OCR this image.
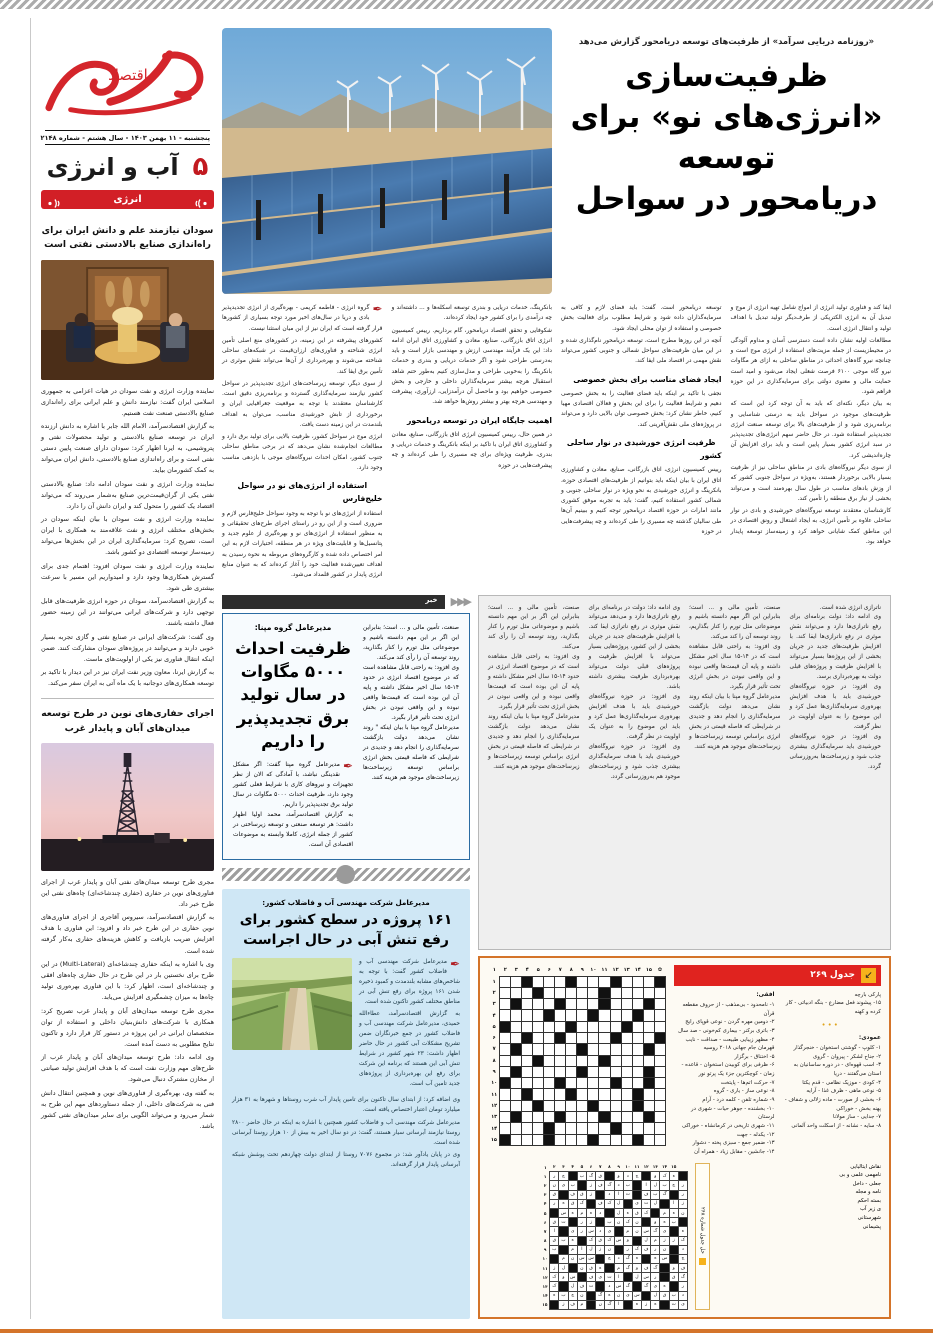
اقتصاد
پنجشنبه - ۱۱ بهمن ۱۴۰۳ - سال هشتم - شماره ۲۱۴۸
۵
آب و انرژی
انرژی
سودان نیازمند علم و دانش ایران برای راه‌اندازی صنایع بالادستی نفتی است

نماینده وزارت انرژی و نفت سودان در هیات اعزامی به جمهوری اسلامی ایران گفت: نیازمند دانش و علم ایرانی برای راه‌اندازی صنایع بالادستی صنعت نفت هستیم.

به گزارش اقتصادسرآمد، الامام الله جابر با اشاره به دانش ارزنده ایران در توسعه صنایع بالادستی و تولید محصولات نفتی و پتروشیمی، به ایرنا اظهار کرد: سودان دارای صنعت پایین دستی نفتی است و برای راه‌اندازی صنایع بالادستی، دانش ایران می‌تواند به کمک کشورمان بیاید.

نماینده وزارت انرژی و نفت سودان ادامه داد: صنایع بالادستی نفتی یکی از گران‌قیمت‌ترین صنایع به‌شمار می‌روند که می‌تواند اقتصاد یک کشور را متحول کند و ایران دانش آن را دارد.

نماینده وزارت انرژی و نفت سودان با بیان اینکه سودان در بخش‌های مختلف انرژی و نفت علاقه‌مند به همکاری با ایران است، تصریح کرد: سرمایه‌گذاری ایران در این بخش‌ها می‌تواند زمینه‌ساز توسعه اقتصادی دو کشور باشد.

نماینده وزارت انرژی و نفت سودان افزود: اهتمام جدی برای گسترش همکاری‌ها وجود دارد و امیدواریم این مسیر با سرعت بیشتری طی شود.

به گزارش اقتصادسرآمد، سودان در حوزه انرژی ظرفیت‌های قابل توجهی دارد و شرکت‌های ایرانی می‌توانند در این زمینه حضور فعال داشته باشند.

وی گفت: شرکت‌های ایرانی در صنایع نفتی و گازی تجربه بسیار خوبی دارند و می‌توانند در پروژه‌های سودان مشارکت کنند. ضمن اینکه انتقال فناوری نیز یکی از اولویت‌های ماست.

به گزارش ایرنا، معاون وزیر نفت ایران نیز در این دیدار با تاکید بر توسعه همکاری‌های دوجانبه با یک ماه آتی به ایران سفر می‌کند.

اجرای حفاری‌های نوین در طرح توسعه میدان‌های آبان و پایدار غرب

مجری طرح توسعه میدان‌های نفتی آبان و پایدار غرب از اجرای فناوری‌های نوین در حفاری (حفاری چندشاخه‌ای) چاه‌های نفتی این طرح خبر داد.

به گزارش اقتصادسرآمد، سیروس آقاجری از اجرای فناوری‌های نوین حفاری در این طرح خبر داد و افزود: این فناوری با هدف افزایش ضریب بازیافت و کاهش هزینه‌های حفاری به‌کار گرفته شده است.

وی با اشاره به اینکه حفاری چندشاخه‌ای (Multi-Lateral) در این طرح برای نخستین بار در این طرح در حال حفاری چاه‌های افقی و چندشاخه‌ای است، اظهار کرد: با این فناوری بهره‌وری تولید چاه‌ها به میزان چشمگیری افزایش می‌یابد.

مجری طرح توسعه میدان‌های آبان و پایدار غرب تصریح کرد: همکاری با شرکت‌های دانش‌بنیان داخلی و استفاده از توان متخصصان ایرانی در این پروژه در دستور کار قرار دارد و تاکنون نتایج مطلوبی به دست آمده است.

وی ادامه داد: طرح توسعه میدان‌های آبان و پایدار غرب از طرح‌های مهم وزارت نفت است که با هدف افزایش تولید صیانتی از مخازن مشترک دنبال می‌شود.

به گفته وی، بهره‌گیری از فناوری‌های نوین و همچنین انتقال دانش فنی به شرکت‌های داخلی، از جمله دستاوردهای مهم این طرح به شمار می‌رود و می‌تواند الگویی برای سایر میدان‌های نفتی کشور باشد.

«روزنامه دریایی سرآمد» از ظرفیت‌های توسعه دریامحور گزارش می‌دهد
ظرفیت‌سازی
«انرژی‌های نو» برای توسعه
دریامحور در سواحل

✒
گروه انرژی - فاطمه کریمی - بهره‌گیری از انرژی تجدیدپذیر بادی و دریا در سال‌های اخیر مورد توجه بسیاری از کشورها قرار گرفته است که ایران نیز از این میان استثنا نیست.

کشورهای پیشرفته در این زمینه، در کشورهای منع اصلی تأمین انرژی شناخته و فناوری‌های ارزان‌قیمت در شبکه‌های ساحلی شناخته می‌شوند و بهره‌برداری از آن‌ها می‌تواند نقش موثری در تأمین برق ایفا کند.

از سوی دیگر، توسعه زیرساخت‌های انرژی تجدیدپذیر در سواحل کشور نیازمند سرمایه‌گذاری گسترده و برنامه‌ریزی دقیق است. کارشناسان معتقدند با توجه به موقعیت جغرافیایی ایران و برخورداری از تابش خورشیدی مناسب، می‌توان به اهداف بلندمدت در این زمینه دست یافت.

انرژی موج در سواحل کشور، ظرفیت بالایی برای تولید برق دارد و مطالعات انجام‌شده نشان می‌دهد که در برخی مناطق ساحلی جنوب کشور، امکان احداث نیروگاه‌های موجی با بازدهی مناسب وجود دارد.

استفاده از انرژی‌های نو در سواحل خلیج‌فارس

استفاده از انرژی‌های نو با توجه به وجود سواحل خلیج‌فارس لازم و ضروری است و از این رو در راستای اجرای طرح‌های تحقیقاتی و به منظور استفاده از انرژی‌های نو و بهره‌گیری از علوم جدید و پتانسیل‌ها و قابلیت‌های ویژه در هر منطقه، اختیارات لازم به این امر اختصاص داده شده و کارگروه‌های مربوطه به نحوه رسیدن به اهداف تعیین‌شده فعالیت خود را آغاز کرده‌اند که به عنوان منابع انرژی پایدار در کشور قلمداد می‌شود.

بانکرینگ، خدمات دریایی و بندری توسعه اسکله‌ها و ... داشته‌اند و چه درآمدی را برای کشور خود ایجاد کرده‌اند.

شکوفایی و تحقق اقتصاد دریامحور، گام برداریم. رییس کمیسیون انرژی اتاق بازرگانی، صنایع، معادن و کشاورزی اتاق ایران ادامه داد: این یک فرآیند مهندسی ارزش و مهندسی بازار است و باید به‌درستی طراحی شود و اگر خدمات دریایی و بندری و خدمات بانکرینگ را به‌خوبی طراحی و مدل‌سازی کنیم به‌طور حتم شاهد استقبال هرچه بیشتر سرمایه‌گذاران داخلی و خارجی و بخش خصوصی خواهیم بود و ماحصل آن درآمدزایی، ارزآوری، پیشرفت و مهندسی هرچه بهتر و بیشتر روش‌ها خواهد شد.

اهمیت جایگاه ایران در توسعه دریامحور

در همین حال، رییس کمیسیون انرژی اتاق بازرگانی، صنایع، معادن و کشاورزی اتاق ایران با تاکید بر اینکه بانکرینگ و خدمات دریایی و بندری، ظرفیت ویژه‌ای برای چه مسیری را طی کرده‌اند و چه پیشرفت‌هایی در حوزه

توسعه دریامحور است. گفت: باید فضای لازم و کافی به سرمایه‌گذاران داده شود و شرایط مطلوب برای فعالیت بخش خصوصی و استفاده از توان محلی ایجاد شود.

آنچه در این روزها مطرح است، توسعه دریامحور نام‌گذاری شده و در این میان ظرفیت‌های سواحل شمالی و جنوبی کشور می‌تواند نقش مهمی در اقتصاد ملی ایفا کند.

ایجاد فضای مناسب برای بخش خصوصی

نجفی با تاکید بر اینکه باید فضای فعالیت را به بخش خصوصی دهیم و شرایط فعالیت را برای این بخش و فعالان اقتصادی مهیا کنیم، خاطر نشان کرد: بخش خصوصی توان بالایی دارد و می‌تواند در پروژه‌های ملی نقش‌آفرینی کند.

ظرفیت انرژی خورشیدی در نوار ساحلی کشور

رییس کمیسیون انرژی، اتاق بازرگانی، صنایع، معادن و کشاورزی اتاق ایران با بیان اینکه باید بتوانیم از ظرفیت‌های اقتصادی حوزه، بانکرینگ و انرژی خورشیدی به نحو ویژه در نوار ساحلی جنوبی و شمالی کشور استفاده کنیم، گفت: باید به تجربه موفق کشوری مانند امارات در حوزه اقتصاد دریامحور توجه کنیم و ببینیم آن‌ها طی سالیان گذشته چه مسیری را طی کرده‌اند و چه پیشرفت‌هایی در حوزه

ایفا کند و فناوری تولید انرژی از امواج شامل تهیه انرژی از موج و تبدیل آن به انرژی الکتریکی از طرف‌دیگر تولید تبدیل با اهداف تولید و انتقال انرژی است.

مطالعات اولیه نشان داده است دسترسی آسان و مداوم آلودگی در محیط‌زیست از جمله مزیت‌های استفاده از انرژی موج است و چنانچه نیرو گاه‌های احداثی در مناطق ساحلی به ازای هر مگاوات نیرو گاه موجی ۶۱۰۰ فرصت شغلی ایجاد می‌شود و امید است حمایت مالی و معنوی دولتی برای سرمایه‌گذاری در این حوزه فراهم شود.

به بیان دیگر، نکته‌ای که باید به آن توجه کرد این است که ظرفیت‌های موجود در سواحل باید به درستی شناسایی و برنامه‌ریزی شود و از ظرفیت‌های بالا برای توسعه صنعت انرژی تجدیدپذیر استفاده شود. در حال حاضر سهم انرژی‌های تجدیدپذیر در سبد انرژی کشور بسیار پایین است و باید برای افزایش آن چاره‌اندیشی کرد.

از سوی دیگر نیروگاه‌های بادی در مناطق ساحلی نیز از ظرفیت بسیار بالایی برخوردار هستند، به‌ویژه در سواحل جنوبی کشور که از وزش بادهای مناسب در طول سال بهره‌مند است و می‌تواند بخشی از نیاز برق منطقه را تأمین کند.

کارشناسان معتقدند توسعه نیروگاه‌های خورشیدی و بادی در نوار ساحلی علاوه بر تأمین انرژی، به ایجاد اشتغال و رونق اقتصادی در این مناطق کمک شایانی خواهد کرد و زمینه‌ساز توسعه پایدار خواهد بود.

▶▶▶
خبر
مدیرعامل گروه مپنا:
ظرفیت احداث ۵۰۰۰ مگاوات در سال تولید برق تجدیدپذیر را داریم

✒
مدیرعامل گروه مپنا گفت: اگر مشکل نقدینگی نباشد، با آمادگی که الان از نظر تجهیزات و نیروهای کاری با شرایط فعلی کشور وجود دارد، ظرفیت احداث ۵۰۰۰ مگاوات در سال تولید برق تجدیدپذیر را داریم.

به گزارش اقتصادسرآمد، محمد اولیا اظهار داشت: هر توسعه صنعتی و توسعه زیرساختی در کشور از جمله انرژی، کاملا وابسته به موضوعات اقتصادی آن است.

صنعت، تأمین مالی و ... است؛ بنابراین این اگر بر این مهم دانسته باشیم و موضوعاتی مثل تورم را کنار بگذارید، روند توسعه آن را رأی کند می‌کند.

وی افزود: به راحتی قابل مشاهده است که در موضوع اقتصاد انرژی در حدود ۱۴-۱۵ سال اخیر مشکل داشته و پایه آن این بوده است که قیمت‌ها واقعی نبوده و این واقعی نبودن در بخش انرژی تحت تأثیر قرار بگیرد.

مدیرعامل گروه مپنا با بیان اینکه " روند نشان می‌دهد دولت بازگشت سرمایه‌گذاری را انجام دهد و جدیدی در شرایطی که فاصله قیمتی بخش انرژی براساس توسعه زیرساخت‌ها زیرساخت‌های موجود هم هزینه کنند.

مدیرعامل شرکت مهندسی آب و فاضلاب کشور:
۱۶۱ پروژه در سطح کشور برای رفع تنش آبی در حال اجراست

✒
مدیرعامل شرکت مهندسی آب و فاضلاب کشور گفت: با توجه به شاخص‌های مشابه بلندمدت و کمبود ذخیره شدن ۱۶۱ پروژه برای رفع تنش آبی در مناطق مختلف کشور تاکنون شده است.

به گزارش اقتصادسرآمد، عطاءالله حمیدی، مدیرعامل شرکت مهندسی آب و فاضلاب کشور در جمع خبرنگاران ضمن تشریح مشکلات آبی کشور در حال حاضر اظهار داشت: ۲۳ شهر کشور در شرایط تنش آبی این هستند که برنامه این شرکت برای رفع این بهره‌برداری از پروژه‌های جدید تامین آب است.

وی اضافه کرد: از ابتدای سال تاکنون برای تامین پایدار آب شرب روستاها و شهرها به ۳۱ هزار میلیارد تومان اعتبار اختصاص یافته است.

مدیرعامل شرکت مهندسی آب و فاضلاب کشور همچنین با اشاره به اینکه در حال حاضر ۲۸۰۰ روستا نیازمند آبرسانی سیار هستند، گفت: در دو سال اخیر به بیش از ۱۰ هزار روستا آبرسانی شده است.

وی در پایان یادآور شد: در مجموع ۷۰۷۶ روستا از ابتدای دولت چهاردهم تحت پوشش شبکه آبرسانی پایدار قرار گرفته‌اند.

صنعت، تأمین مالی و ... است؛ بنابراین این اگر بر این مهم دانسته باشیم و موضوعاتی مثل تورم را کنار بگذارید، روند توسعه آن را رأی کند می‌کند.

وی افزود: به راحتی قابل مشاهده است که در موضوع اقتصاد انرژی در حدود ۱۴-۱۵ سال اخیر مشکل داشته و پایه آن این بوده است که قیمت‌ها واقعی نبوده و این واقعی نبودن در بخش انرژی تحت تأثیر قرار بگیرد.

مدیرعامل گروه مپنا با بیان اینکه روند نشان می‌دهد دولت بازگشت سرمایه‌گذاری را انجام دهد و جدیدی در شرایطی که فاصله قیمتی در بخش انرژی براساس توسعه زیرساخت‌ها و زیرساخت‌های موجود هم هزینه کنند.

وی ادامه داد: دولت در برنامه‌ای برای رفع ناترازی‌ها دارد و می‌دهد می‌تواند نقش موثری در رفع ناترازی ایفا کند. با افزایش ظرفیت‌های جدید در جریان بخشی از این کشور، پروژه‌هایی بسیار می‌تواند با افزایش ظرفیت و پروژه‌های قبلی دولت می‌تواند بهره‌برداری ظرفیت بیشتری داشته باشد.

وی افزود: در حوزه نیروگاه‌های خورشیدی باید با هدف افزایش بهره‌وری سرمایه‌گذاری‌ها عمل کرد و باید این موضوع را به عنوان یک اولویت در نظر گرفت.

وی افزود: در حوزه نیروگاه‌های خورشیدی باید با هدف سرمایه‌گذاری بیشتری جذب شود و زیرساخت‌های موجود هم به‌روزرسانی گردد.

صنعت، تأمین مالی و ... است؛ بنابراین این اگر مهم دانسته باشیم و موضوعاتی مثل تورم را کنار بگذاریم، روند توسعه آن را کند می‌کند.

وی افزود: به راحتی قابل مشاهده است که در ۱۴-۱۵ سال اخیر مشکل داشته و پایه آن قیمت‌ها واقعی نبوده و این واقعی نبودن در بخش انرژی تحت تأثیر قرار بگیرد.

مدیرعامل گروه مپنا با بیان اینکه روند نشان می‌دهد دولت بازگشت سرمایه‌گذاری را انجام دهد و جدیدی در شرایطی که فاصله قیمتی در بخش انرژی براساس توسعه زیرساخت‌ها و زیرساخت‌های موجود هم هزینه کنند.

ناترازی انرژی شده است.

وی ادامه داد: دولت برنامه‌ای برای رفع ناترازی‌ها دارد و می‌تواند نقش موثری در رفع ناترازی‌ها ایفا کند. با افزایش ظرفیت‌های جدید در جریان بخشی از این پروژه‌ها بسیار می‌تواند با افزایش ظرفیت و پروژه‌های قبلی دولت به بهره‌برداری برسد.

وی افزود: در حوزه نیروگاه‌های خورشیدی باید با هدف افزایش بهره‌وری سرمایه‌گذاری‌ها عمل کرد و این موضوع را به عنوان اولویت در نظر گرفت.

وی افزود: در حوزه نیروگاه‌های خورشیدی باید سرمایه‌گذاری بیشتری جذب شود و زیرساخت‌ها به‌روزرسانی گردد.

✿	۱۵	۱۴	۱۳	۱۲	۱۱	۱۰	۹	۸	۷	۶	۵	۴	۳	۲	۱
															۱
															۲
															۳
															۴
															۵
															۶
															۷
															۸
															۹
															۱۰
															۱۱
															۱۲
															۱۳
															۱۴
															۱۵
↙
جدول ۲۶۹
افقی:
۱- نامحدود - بی‌مذهب - از حروف مقطعه قرآن
۲- دومین مهره گردن - نوعی قوپای رایج
۳- باتری برکنر - بیماری کم‌خونی - صد سال
۴- مظهر زیبایی طبیعت - صداقت - نایب قهرمان جام جهانی ۲۰۱۸ روسیه
۵- اختناق - برگزار
۶- ظرفی برای کوبیدن استخوان - قاعده - زمان - کوچکترین جزء یک پرتو نور
۷- حرکت اتم‌ها - پایتخت
۸- نوعی ساز - یاری - گروه
۹- شماره تلفن - کلمه درد - آرام
۱۰- بخشنده - جوهر حیات - شهری در لرستان
۱۱- شهری تاریخی در کرمانشاه - خوراکی
۱۲- یکدله - جهت
۱۳- ضمیر جمع - سبزی پخته - دشوار
۱۴- جانشین - مقابل زیاد - همراه آن
پارکی بارچه
۱۵- پیشوند فعل مضارع - بنگه ادبیاتی - کار کرده و کهنه
•••
عمودی:
۱- کلوپ - گوشتی استخوان - خنجرگذار
۲- جناح لشکر - پیروان - گروی
۳- اسب قهوه‌ای - در دوره ساسانیان به استان می‌گفتند - دریا
۴- کودی - موزیک نظامی - قدم یکتا
۵- نوعی ماهی - ظرف غذا - آرایه
۶- بخشی از صورت - ماده زلالی و شفاف - پهنه بخش - خوراکی
۷- جدایی - ساز مولانا
۸- سایه - نشانه - از اسکلت واحد آلمانی
	۱۵	۱۴	۱۳	۱۲	۱۱	۱۰	۹	۸	۷	۶	۵	۴	۳	۲	۱
	ه	ک	و		چ	د	و		ق	گ	ب		چ	ر	۱
ر	چ	ب	ل	ا		ب	د	گ	ف	ز		ب	ی	ن	۲
ر		گ	ب	ف		ت	ا	د		ز	ق	ف		ق	۳
ز	ا		ل	ت	ی		ل	ک	ف		ک	ق	ه	ر	۴
ن	ه	م		ک	ق	ه	ل		د	ه	م	ه	س		۵
	ب	ه	و		ن	ک	ن	ب		ز	ر		ت	ق	۶
ه		ی	گ	س	ن	م		ی	د	س	ر	ی		ا	۷
ک	ز	ز	م	ل		و	س	ک	ق	ک		ه	ب	ق	۸
د		ن	ر	ف	ک	ر		ن	ز	ل	ا	م		ب	۹
چ		س	ه		ه	گ	د	چ		س	س	ن	م		۱۰
ف	و		گ	ف	و	گ	م		ه	ق	ن		ل	ز	۱۱
گ	ق		ر	س	ل		ا	ت	ی	ف		س	و	ک	۱۲
ر		ه	ی	گ		گ	س	د		ت	ف	ل		ک	۱۳
د	ب	ق	ل		س	ی	ن	ه	گ		ن	چ	ب	ه	۱۴
ی	ت		ه	ز	ه		ا	گ	ن		م	ف	ز		۱۵
حل جدول شماره ۲۶۸
نقاش ایتالیایی
نامهمی علمی و بی
جعلی - داخل
نامه و مجله
بسته احکم
ی زیر آب
شهرستانی
پشیمانی
